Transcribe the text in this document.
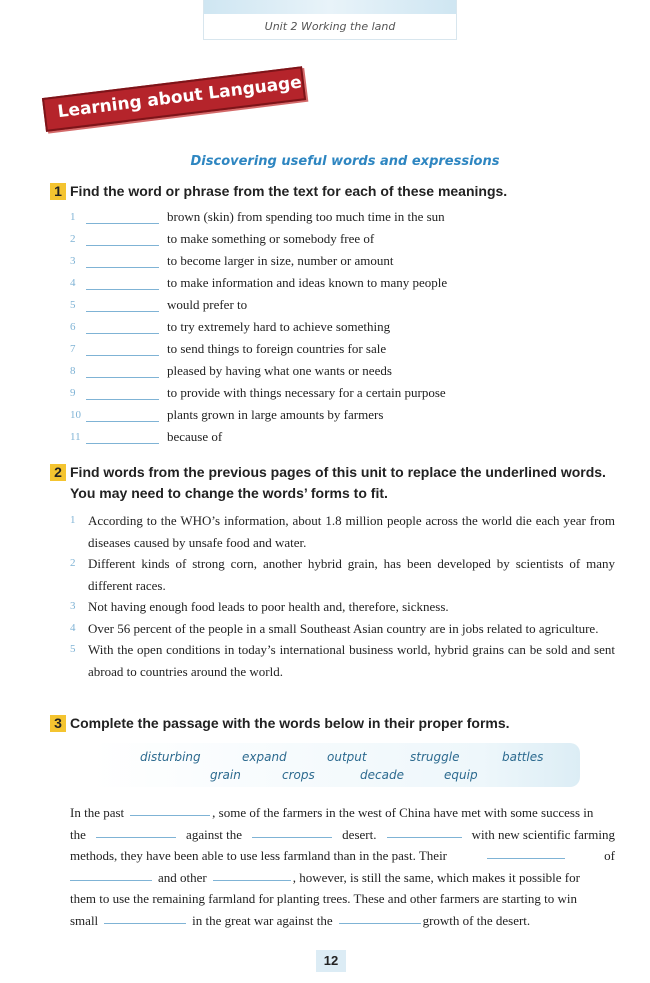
Unit 2 Working the land
Learning about Language
Discovering useful words and expressions
1 Find the word or phrase from the text for each of these meanings.
1	brown (skin) from spending too much time in the sun
2	to make something or somebody free of
3	to become larger in size, number or amount
4	to make information and ideas known to many people
5	would prefer to
6	to try extremely hard to achieve something
7	to send things to foreign countries for sale
8	pleased by having what one wants or needs
9	to provide with things necessary for a certain purpose
10	plants grown in large amounts by farmers
11	because of
2 Find words from the previous pages of this unit to replace the underlined words.
You may need to change the words’ forms to fit.
1 According to the WHO’s information, about 1.8 million people across the world die each year from diseases caused by unsafe food and water.
2 Different kinds of strong corn, another hybrid grain, has been developed by scientists of many different races.
3 Not having enough food leads to poor health and, therefore, sickness.
4 Over 56 percent of the people in a small Southeast Asian country are in jobs related to agriculture.
5 With the open conditions in today’s international business world, hybrid grains can be sold and sent abroad to countries around the world.
3 Complete the passage with the words below in their proper forms.
disturbing	expand	output	struggle	battles
grain	crops	decade	equip
In the past	, some of the farmers in the west of China have met with some success in
the	against the	desert.	with new scientific farming
methods, they have been able to use less farmland than in the past. Their	of
and other	, however, is still the same, which makes it possible for
them to use the remaining farmland for planting trees. These and other farmers are starting to win
small	in the great war against the	growth of the desert.
12
